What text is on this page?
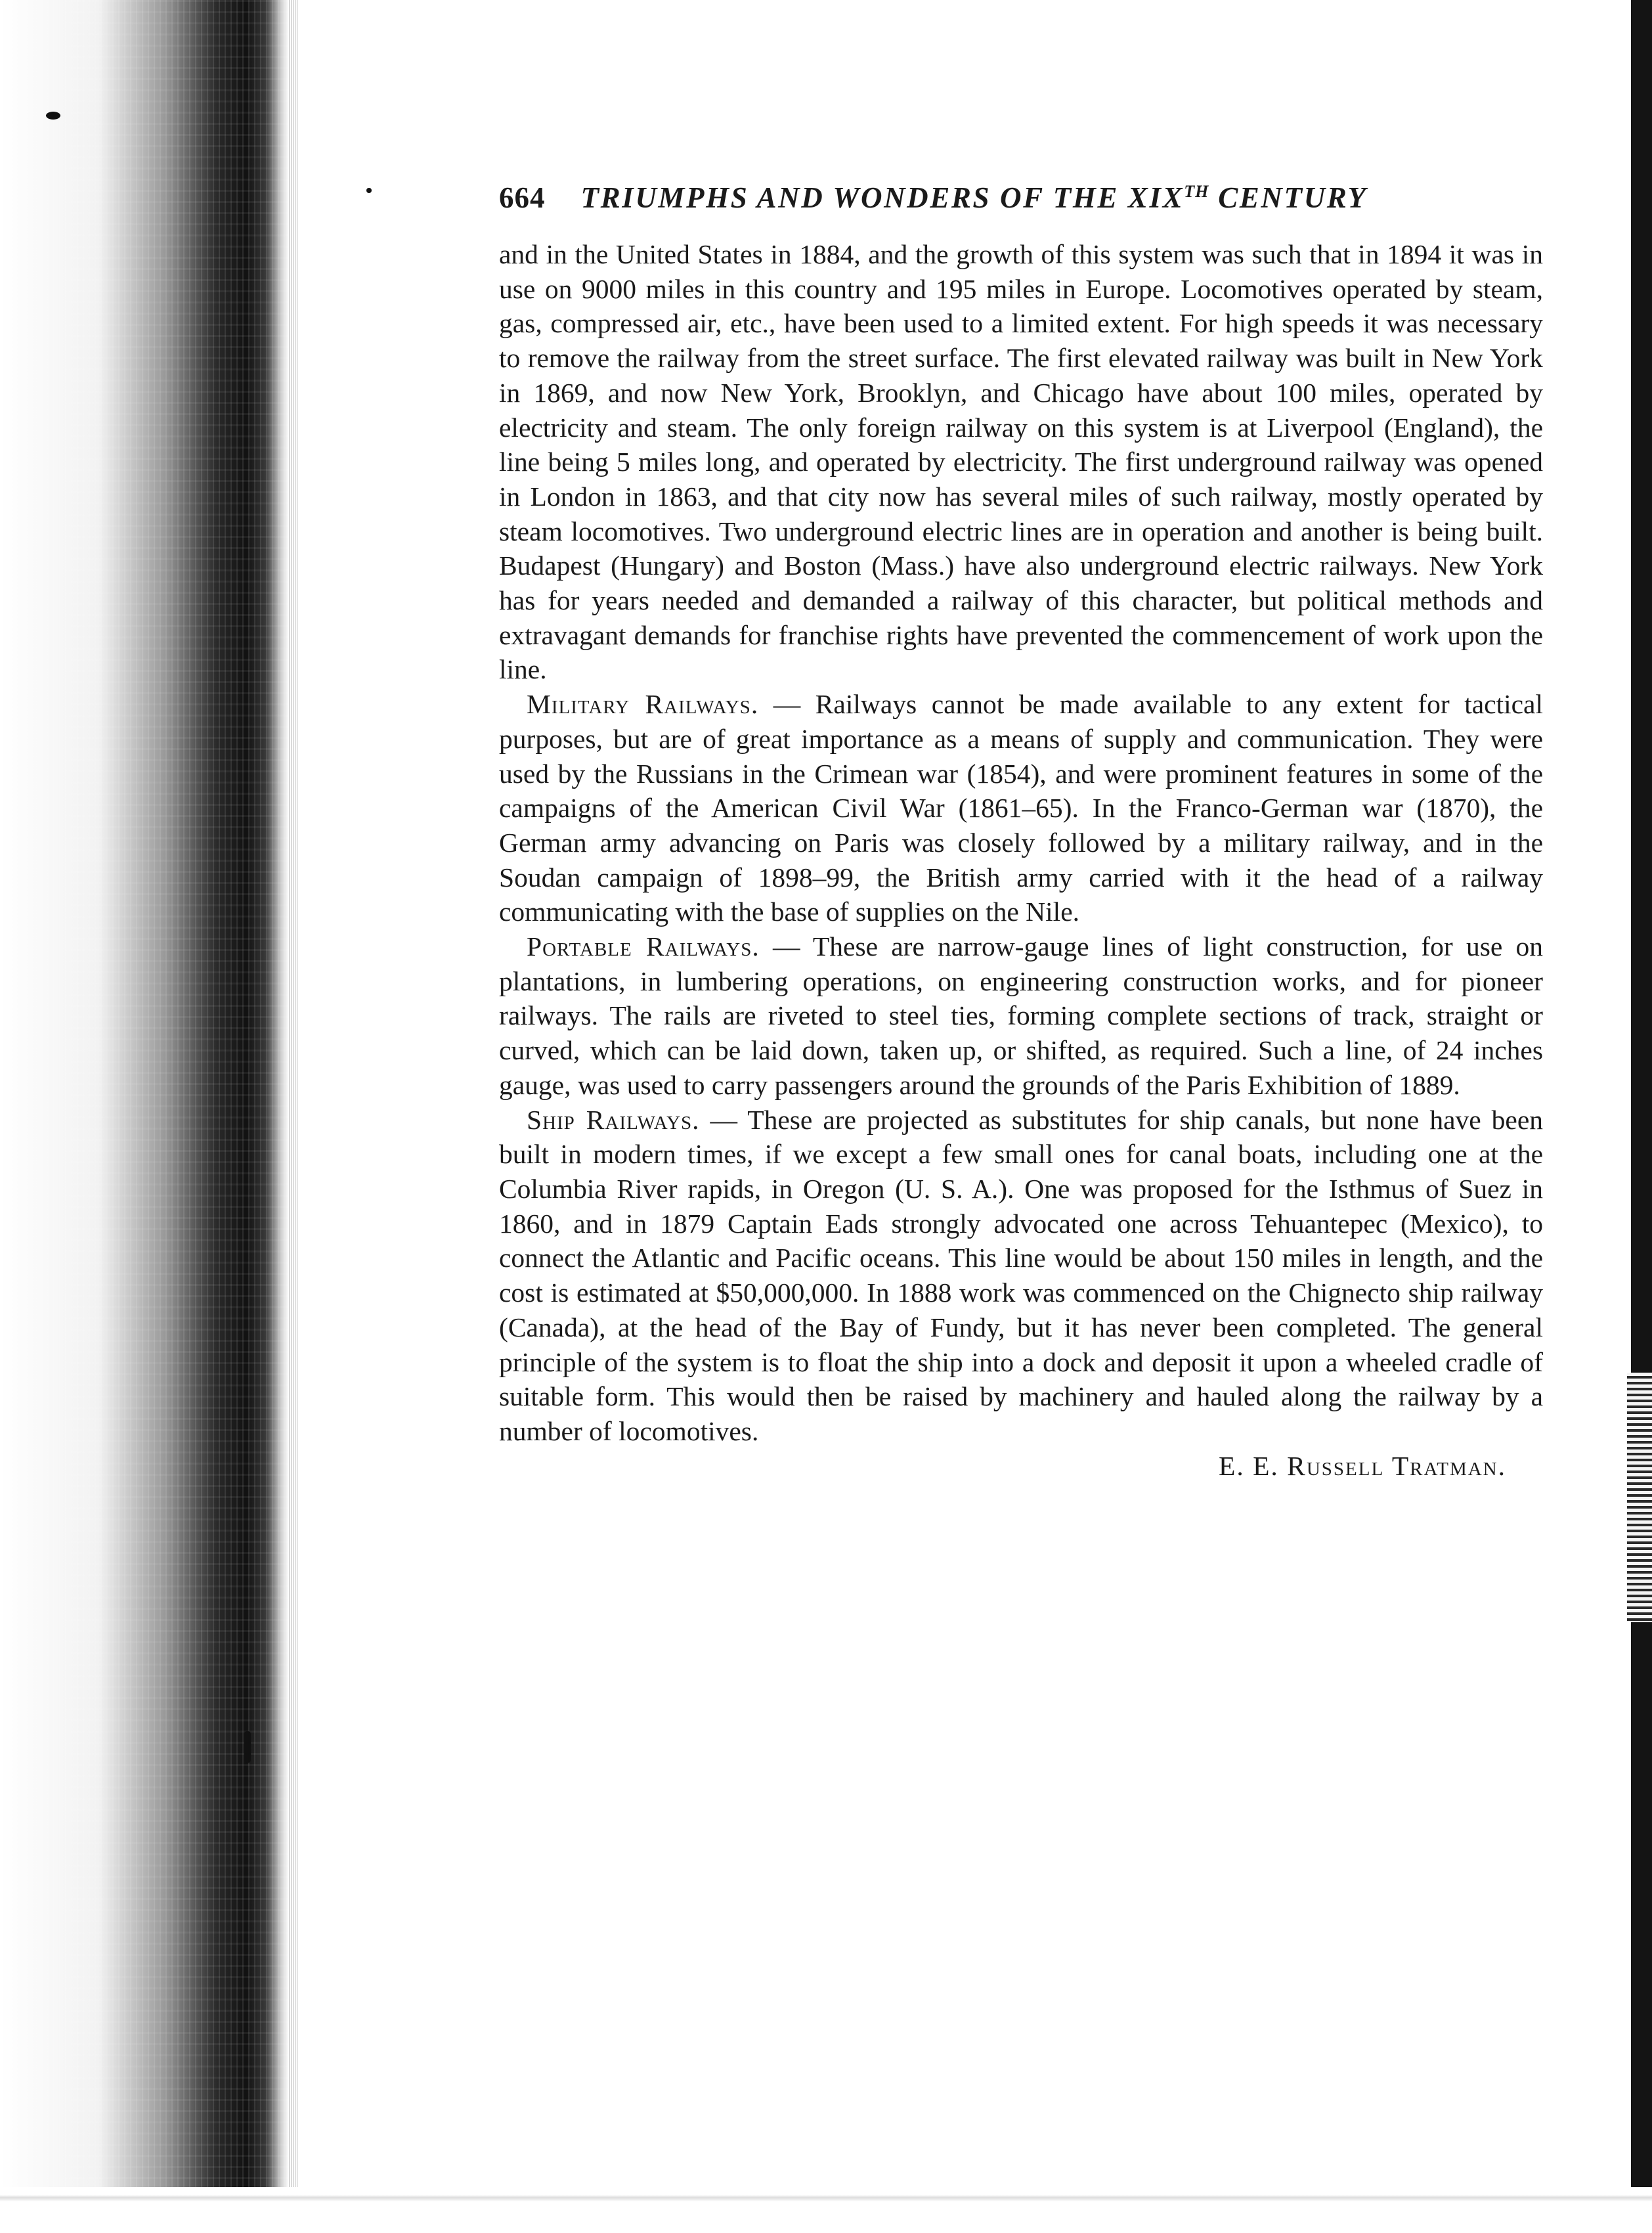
664 TRIUMPHS AND WONDERS OF THE XIXTH CENTURY

and in the United States in 1884, and the growth of this system was such that in 1894 it was in use on 9000 miles in this country and 195 miles in Europe. Locomotives operated by steam, gas, compressed air, etc., have been used to a limited extent. For high speeds it was necessary to remove the railway from the street surface. The first elevated railway was built in New York in 1869, and now New York, Brooklyn, and Chicago have about 100 miles, operated by electricity and steam. The only foreign railway on this system is at Liverpool (England), the line being 5 miles long, and operated by electricity. The first underground railway was opened in London in 1863, and that city now has several miles of such railway, mostly operated by steam locomotives. Two underground electric lines are in operation and another is being built. Budapest (Hungary) and Boston (Mass.) have also underground electric railways. New York has for years needed and demanded a railway of this character, but political methods and extravagant demands for franchise rights have prevented the commencement of work upon the line.

Military Railways. — Railways cannot be made available to any extent for tactical purposes, but are of great importance as a means of supply and communication. They were used by the Russians in the Crimean war (1854), and were prominent features in some of the campaigns of the American Civil War (1861–65). In the Franco-German war (1870), the German army advancing on Paris was closely followed by a military railway, and in the Soudan campaign of 1898–99, the British army carried with it the head of a railway communicating with the base of supplies on the Nile.

Portable Railways. — These are narrow-gauge lines of light construction, for use on plantations, in lumbering operations, on engineering construction works, and for pioneer railways. The rails are riveted to steel ties, forming complete sections of track, straight or curved, which can be laid down, taken up, or shifted, as required. Such a line, of 24 inches gauge, was used to carry passengers around the grounds of the Paris Exhibition of 1889.

Ship Railways. — These are projected as substitutes for ship canals, but none have been built in modern times, if we except a few small ones for canal boats, including one at the Columbia River rapids, in Oregon (U. S. A.). One was proposed for the Isthmus of Suez in 1860, and in 1879 Captain Eads strongly advocated one across Tehuantepec (Mexico), to connect the Atlantic and Pacific oceans. This line would be about 150 miles in length, and the cost is estimated at $50,000,000. In 1888 work was commenced on the Chignecto ship railway (Canada), at the head of the Bay of Fundy, but it has never been completed. The general principle of the system is to float the ship into a dock and deposit it upon a wheeled cradle of suitable form. This would then be raised by machinery and hauled along the railway by a number of locomotives.

E. E. Russell Tratman.
